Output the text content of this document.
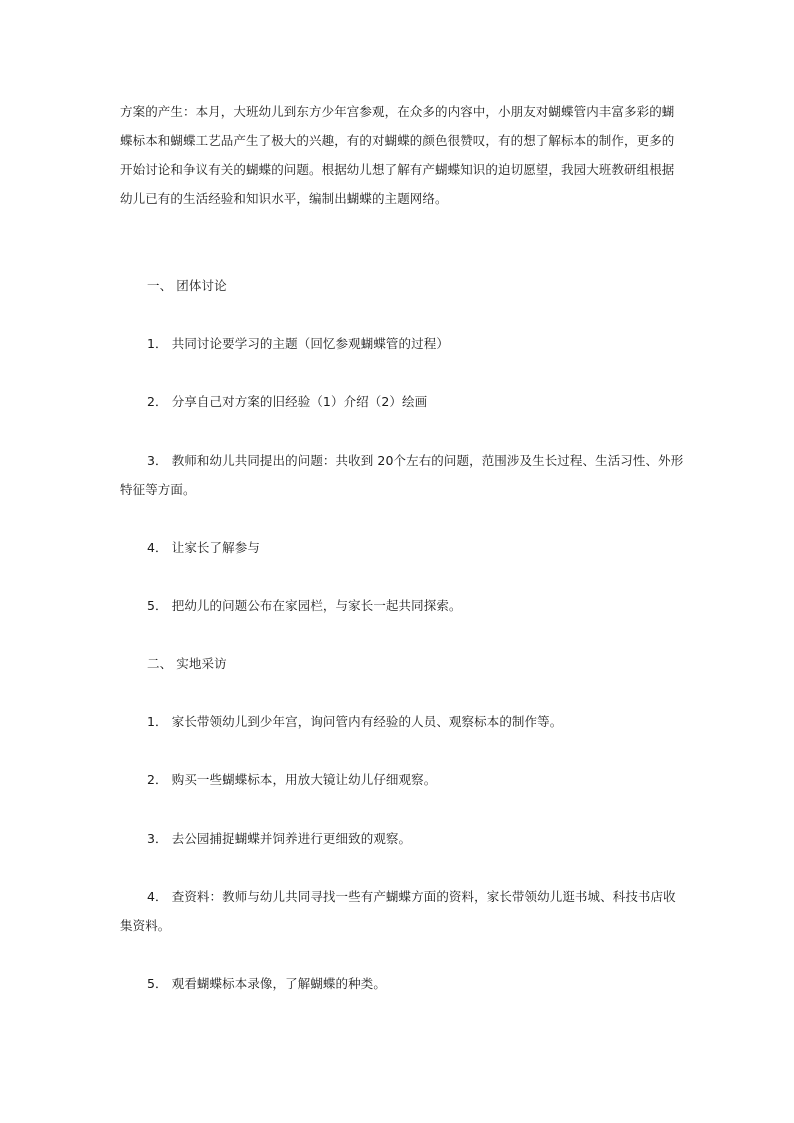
方案的产生：本月，大班幼儿到东方少年宫参观，在众多的内容中，小朋友对蝴蝶管内丰富多彩的蝴蝶标本和蝴蝶工艺品产生了极大的兴趣，有的对蝴蝶的颜色很赞叹，有的想了解标本的制作，更多的开始讨论和争议有关的蝴蝶的问题。根据幼儿想了解有产蝴蝶知识的迫切愿望，我园大班教研组根据幼儿已有的生活经验和知识水平，编制出蝴蝶的主题网络。

一、 团体讨论

1． 共同讨论要学习的主题（回忆参观蝴蝶管的过程）

2． 分享自己对方案的旧经验（1）介绍（2）绘画

3． 教师和幼儿共同提出的问题：共收到 20个左右的问题，范围涉及生长过程、生活习性、外形特征等方面。

4． 让家长了解参与

5． 把幼儿的问题公布在家园栏，与家长一起共同探索。

二、 实地采访

1． 家长带领幼儿到少年宫，询问管内有经验的人员、观察标本的制作等。

2． 购买一些蝴蝶标本，用放大镜让幼儿仔细观察。

3． 去公园捕捉蝴蝶并饲养进行更细致的观察。

4． 查资料：教师与幼儿共同寻找一些有产蝴蝶方面的资料，家长带领幼儿逛书城、科技书店收集资料。

5． 观看蝴蝶标本录像，了解蝴蝶的种类。
